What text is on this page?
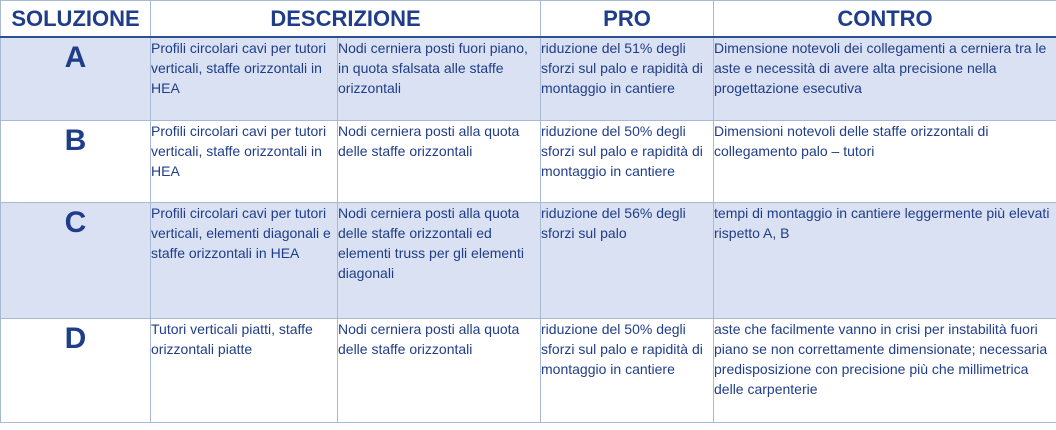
SOLUZIONE	DESCRIZIONE		PRO	CONTRO

A	Profili circolari cavi per tutori verticali, staffe orizzontali in HEA	Nodi cerniera posti fuori piano, in quota sfalsata alle staffe orizzontali	riduzione del 51% degli sforzi sul palo e rapidità di montaggio in cantiere	Dimensione notevoli dei collegamenti a cerniera tra le aste e necessità di avere alta precisione nella progettazione esecutiva

B	Profili circolari cavi per tutori verticali, staffe orizzontali in HEA	Nodi cerniera posti alla quota delle staffe orizzontali	riduzione del 50% degli sforzi sul palo e rapidità di montaggio in cantiere	Dimensioni notevoli delle staffe orizzontali di collegamento palo – tutori

C	Profili circolari cavi per tutori verticali, elementi diagonali e staffe orizzontali in HEA	Nodi cerniera posti alla quota delle staffe orizzontali ed elementi truss per gli elementi diagonali	riduzione del 56% degli sforzi sul palo	tempi di montaggio in cantiere leggermente più elevati rispetto A, B

D	Tutori verticali piatti, staffe orizzontali piatte	Nodi cerniera posti alla quota delle staffe orizzontali	riduzione del 50% degli sforzi sul palo e rapidità di montaggio in cantiere	aste che facilmente vanno in crisi per instabilità fuori piano se non correttamente dimensionate; necessaria predisposizione con precisione più che millimetrica delle carpenterie
